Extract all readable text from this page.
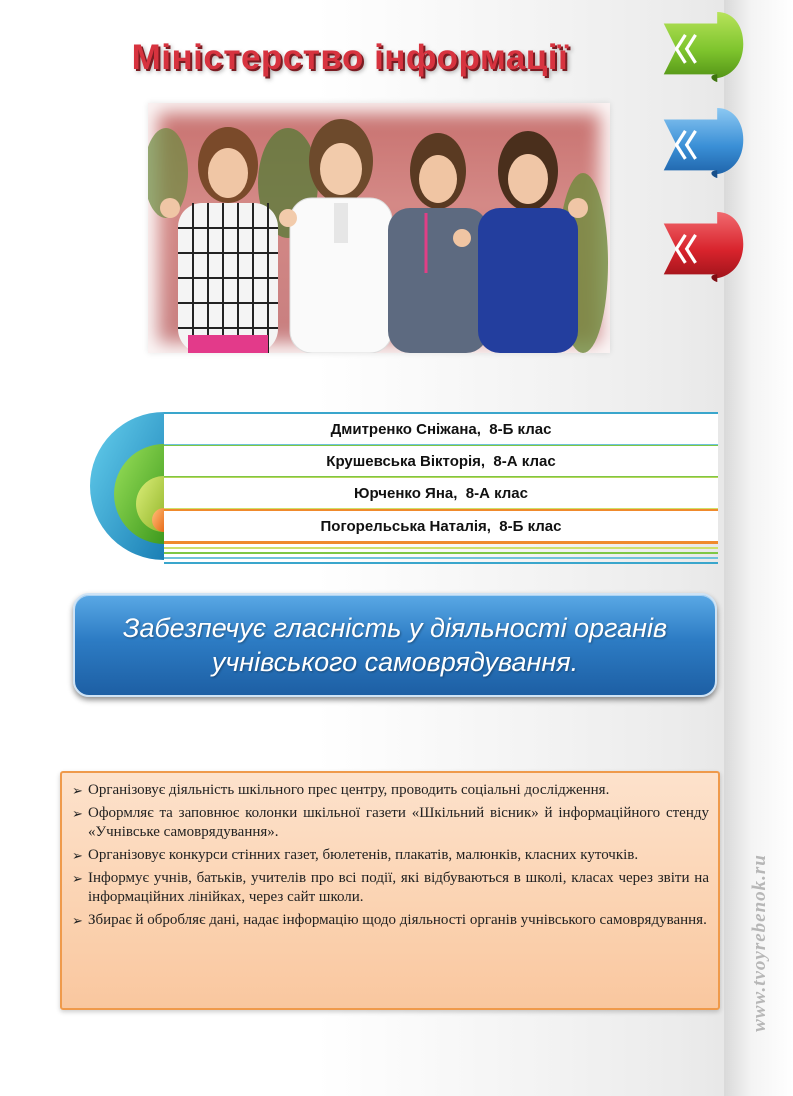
Міністерство інформації
Дмитренко Сніжана,  8-Б клас
Крушевська Вікторія,  8-А клас
Юрченко Яна,  8-А клас
Погорельська Наталія,  8-Б клас
Забезпечує гласність у діяльності органів учнівського самоврядування.
➢ Організовує діяльність шкільного прес центру, проводить соціальні дослідження.
➢ Оформляє та заповнює колонки шкільної газети «Шкільний вісник» й інформаційного стенду «Учнівське самоврядування».
➢ Організовує конкурси стінних газет, бюлетенів, плакатів, малюнків, класних куточків.
➢ Інформує учнів, батьків, учителів про всі події, які відбуваються в школі, класах через звіти на інформаційних лінійках, через сайт школи.
➢ Збирає й обробляє дані, надає інформацію щодо діяльності органів учнівського самоврядування. www.tvoyrebenok.ru
